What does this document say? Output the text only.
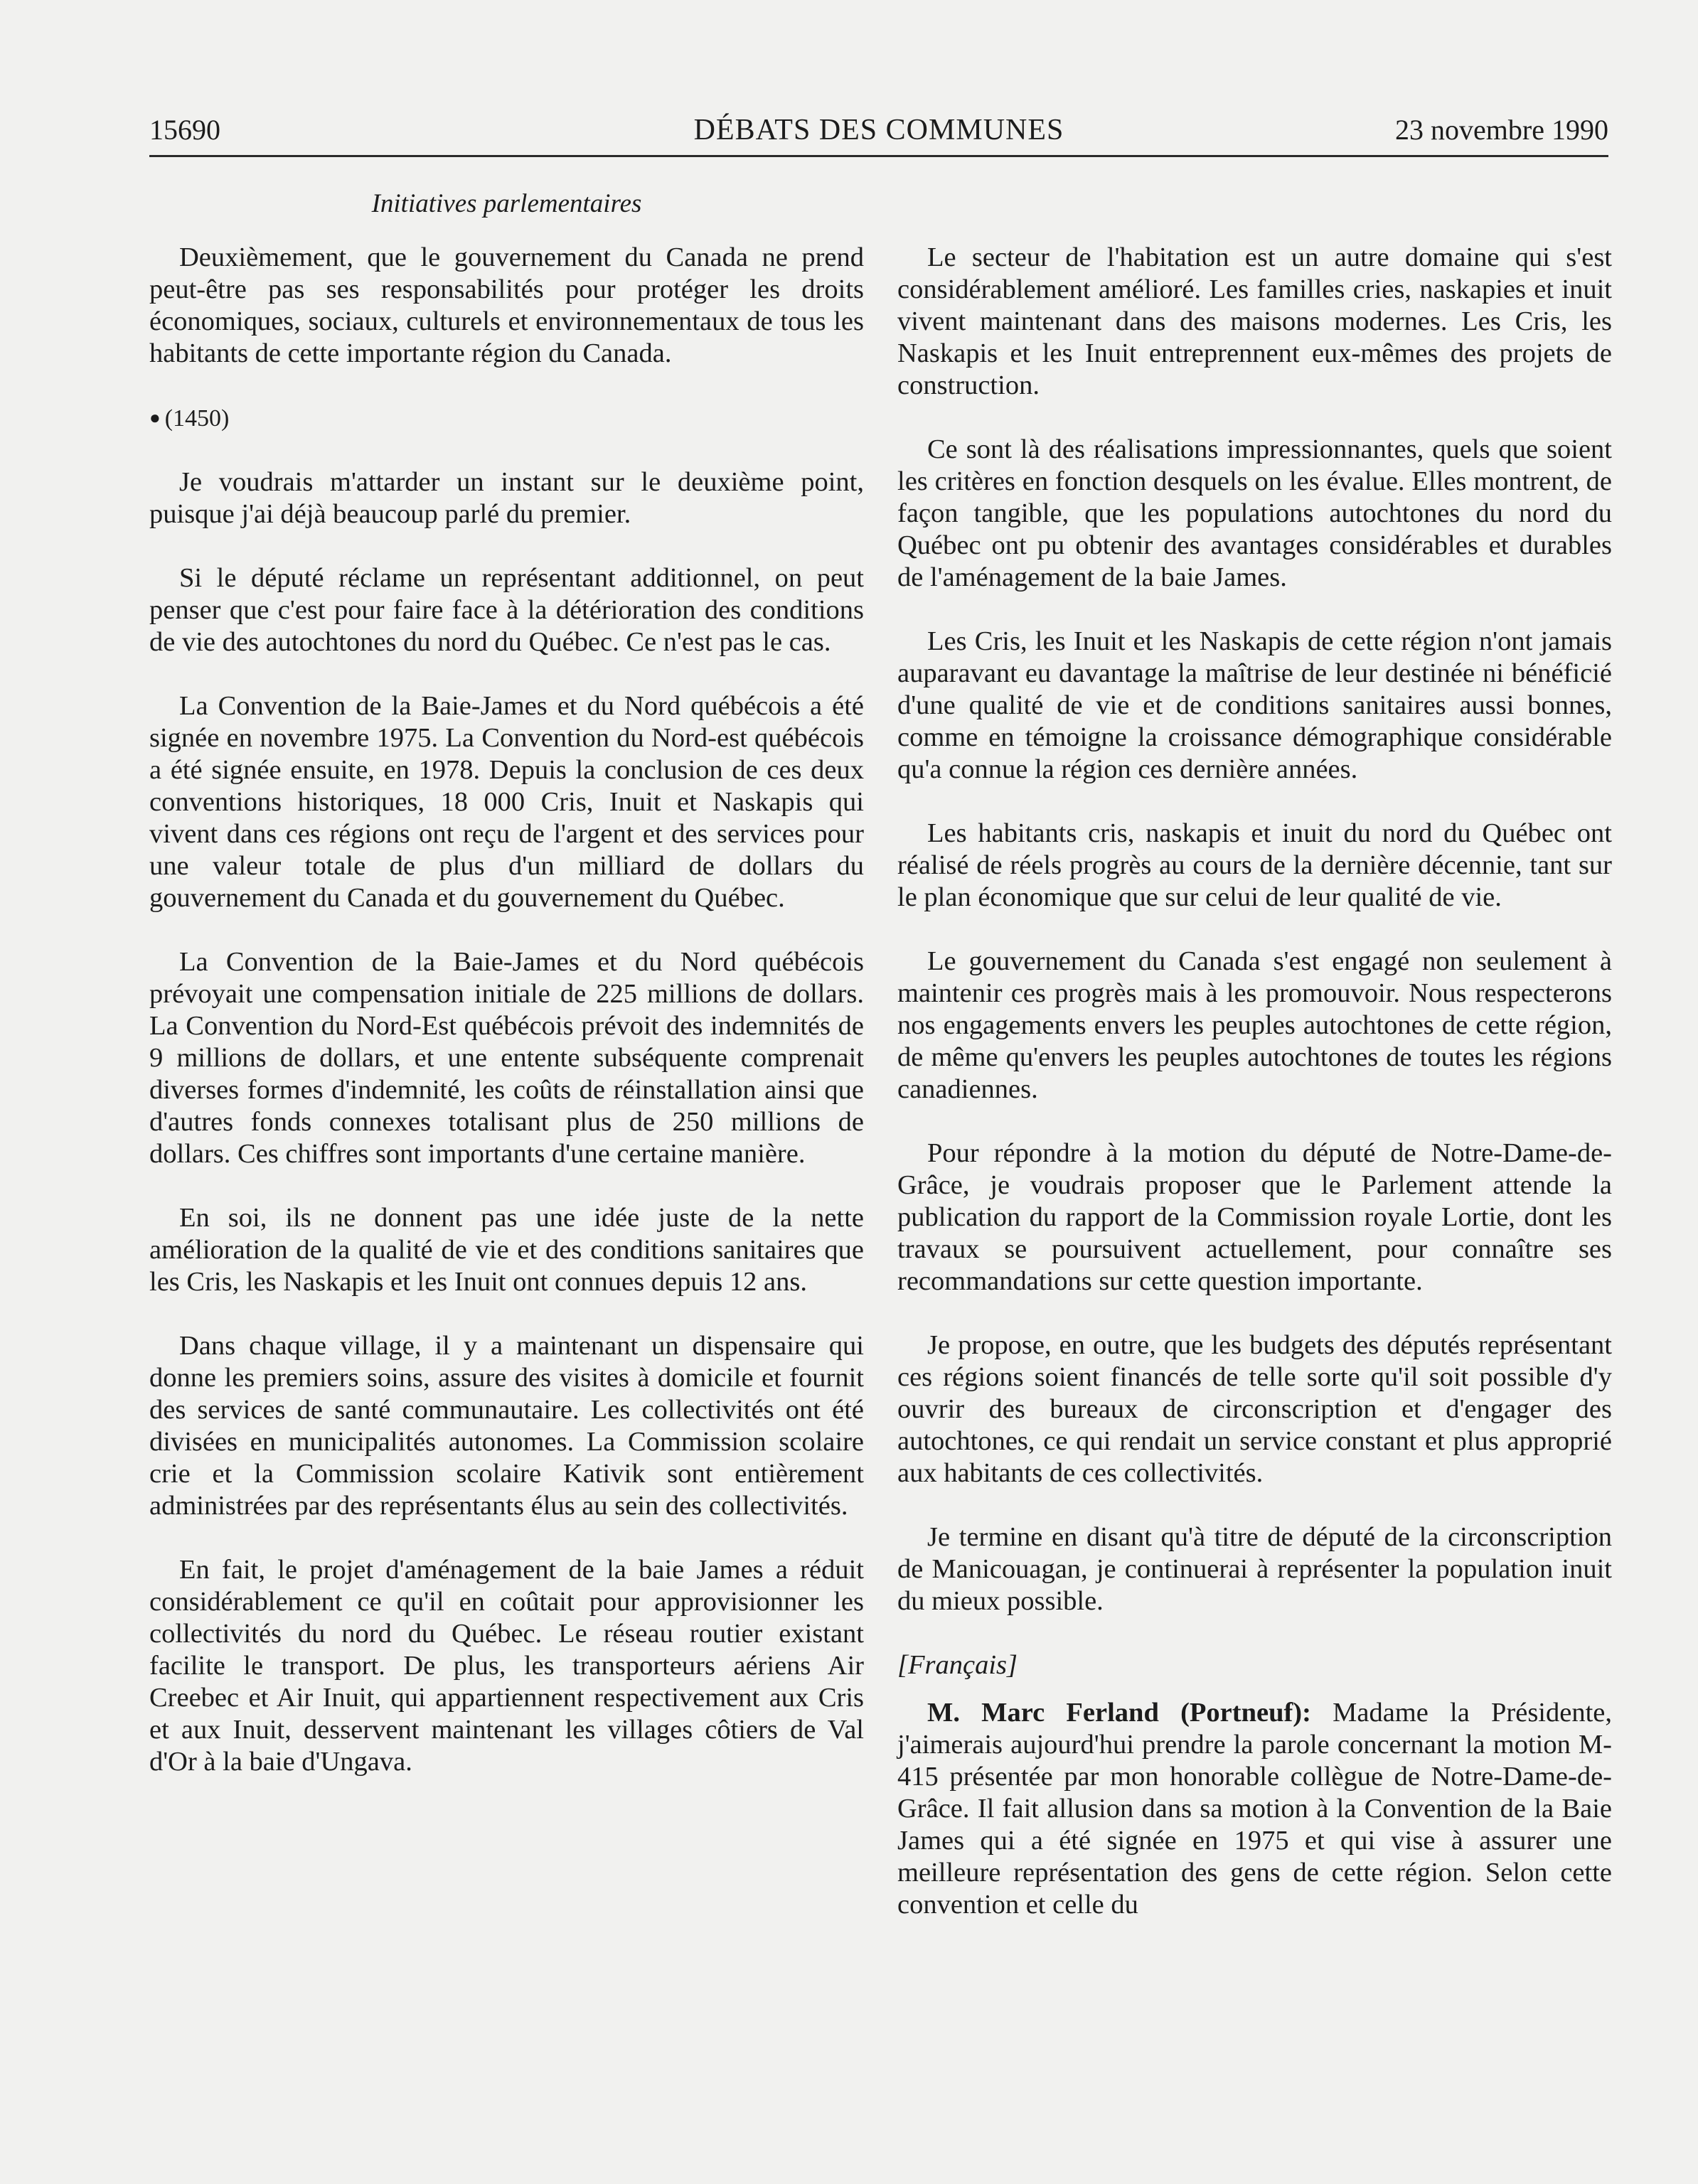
15690	DÉBATS DES COMMUNES	23 novembre 1990
Initiatives parlementaires

Deuxièmement, que le gouvernement du Canada ne prend peut-être pas ses responsabilités pour protéger les droits économiques, sociaux, culturels et environnementaux de tous les habitants de cette importante région du Canada.

● (1450)

Je voudrais m'attarder un instant sur le deuxième point, puisque j'ai déjà beaucoup parlé du premier.

Si le député réclame un représentant additionnel, on peut penser que c'est pour faire face à la détérioration des conditions de vie des autochtones du nord du Québec. Ce n'est pas le cas.

La Convention de la Baie-James et du Nord québécois a été signée en novembre 1975. La Convention du Nord-est québécois a été signée ensuite, en 1978. Depuis la conclusion de ces deux conventions historiques, 18 000 Cris, Inuit et Naskapis qui vivent dans ces régions ont reçu de l'argent et des services pour une valeur totale de plus d'un milliard de dollars du gouvernement du Canada et du gouvernement du Québec.

La Convention de la Baie-James et du Nord québécois prévoyait une compensation initiale de 225 millions de dollars. La Convention du Nord-Est québécois prévoit des indemnités de 9 millions de dollars, et une entente subséquente comprenait diverses formes d'indemnité, les coûts de réinstallation ainsi que d'autres fonds connexes totalisant plus de 250 millions de dollars. Ces chiffres sont importants d'une certaine manière.

En soi, ils ne donnent pas une idée juste de la nette amélioration de la qualité de vie et des conditions sanitaires que les Cris, les Naskapis et les Inuit ont connues depuis 12 ans.

Dans chaque village, il y a maintenant un dispensaire qui donne les premiers soins, assure des visites à domicile et fournit des services de santé communautaire. Les collectivités ont été divisées en municipalités autonomes. La Commission scolaire crie et la Commission scolaire Kativik sont entièrement administrées par des représentants élus au sein des collectivités.

En fait, le projet d'aménagement de la baie James a réduit considérablement ce qu'il en coûtait pour approvisionner les collectivités du nord du Québec. Le réseau routier existant facilite le transport. De plus, les transporteurs aériens Air Creebec et Air Inuit, qui appartiennent respectivement aux Cris et aux Inuit, desservent maintenant les villages côtiers de Val d'Or à la baie d'Ungava.

Le secteur de l'habitation est un autre domaine qui s'est considérablement amélioré. Les familles cries, naskapies et inuit vivent maintenant dans des maisons modernes. Les Cris, les Naskapis et les Inuit entreprennent eux-mêmes des projets de construction.

Ce sont là des réalisations impressionnantes, quels que soient les critères en fonction desquels on les évalue. Elles montrent, de façon tangible, que les populations autochtones du nord du Québec ont pu obtenir des avantages considérables et durables de l'aménagement de la baie James.

Les Cris, les Inuit et les Naskapis de cette région n'ont jamais auparavant eu davantage la maîtrise de leur destinée ni bénéficié d'une qualité de vie et de conditions sanitaires aussi bonnes, comme en témoigne la croissance démographique considérable qu'a connue la région ces dernière années.

Les habitants cris, naskapis et inuit du nord du Québec ont réalisé de réels progrès au cours de la dernière décennie, tant sur le plan économique que sur celui de leur qualité de vie.

Le gouvernement du Canada s'est engagé non seulement à maintenir ces progrès mais à les promouvoir. Nous respecterons nos engagements envers les peuples autochtones de cette région, de même qu'envers les peuples autochtones de toutes les régions canadiennes.

Pour répondre à la motion du député de Notre-Dame-de-Grâce, je voudrais proposer que le Parlement attende la publication du rapport de la Commission royale Lortie, dont les travaux se poursuivent actuellement, pour connaître ses recommandations sur cette question importante.

Je propose, en outre, que les budgets des députés représentant ces régions soient financés de telle sorte qu'il soit possible d'y ouvrir des bureaux de circonscription et d'engager des autochtones, ce qui rendait un service constant et plus approprié aux habitants de ces collectivités.

Je termine en disant qu'à titre de député de la circonscription de Manicouagan, je continuerai à représenter la population inuit du mieux possible.

[Français]

M. Marc Ferland (Portneuf): Madame la Présidente, j'aimerais aujourd'hui prendre la parole concernant la motion M-415 présentée par mon honorable collègue de Notre-Dame-de-Grâce. Il fait allusion dans sa motion à la Convention de la Baie James qui a été signée en 1975 et qui vise à assurer une meilleure représentation des gens de cette région. Selon cette convention et celle du
